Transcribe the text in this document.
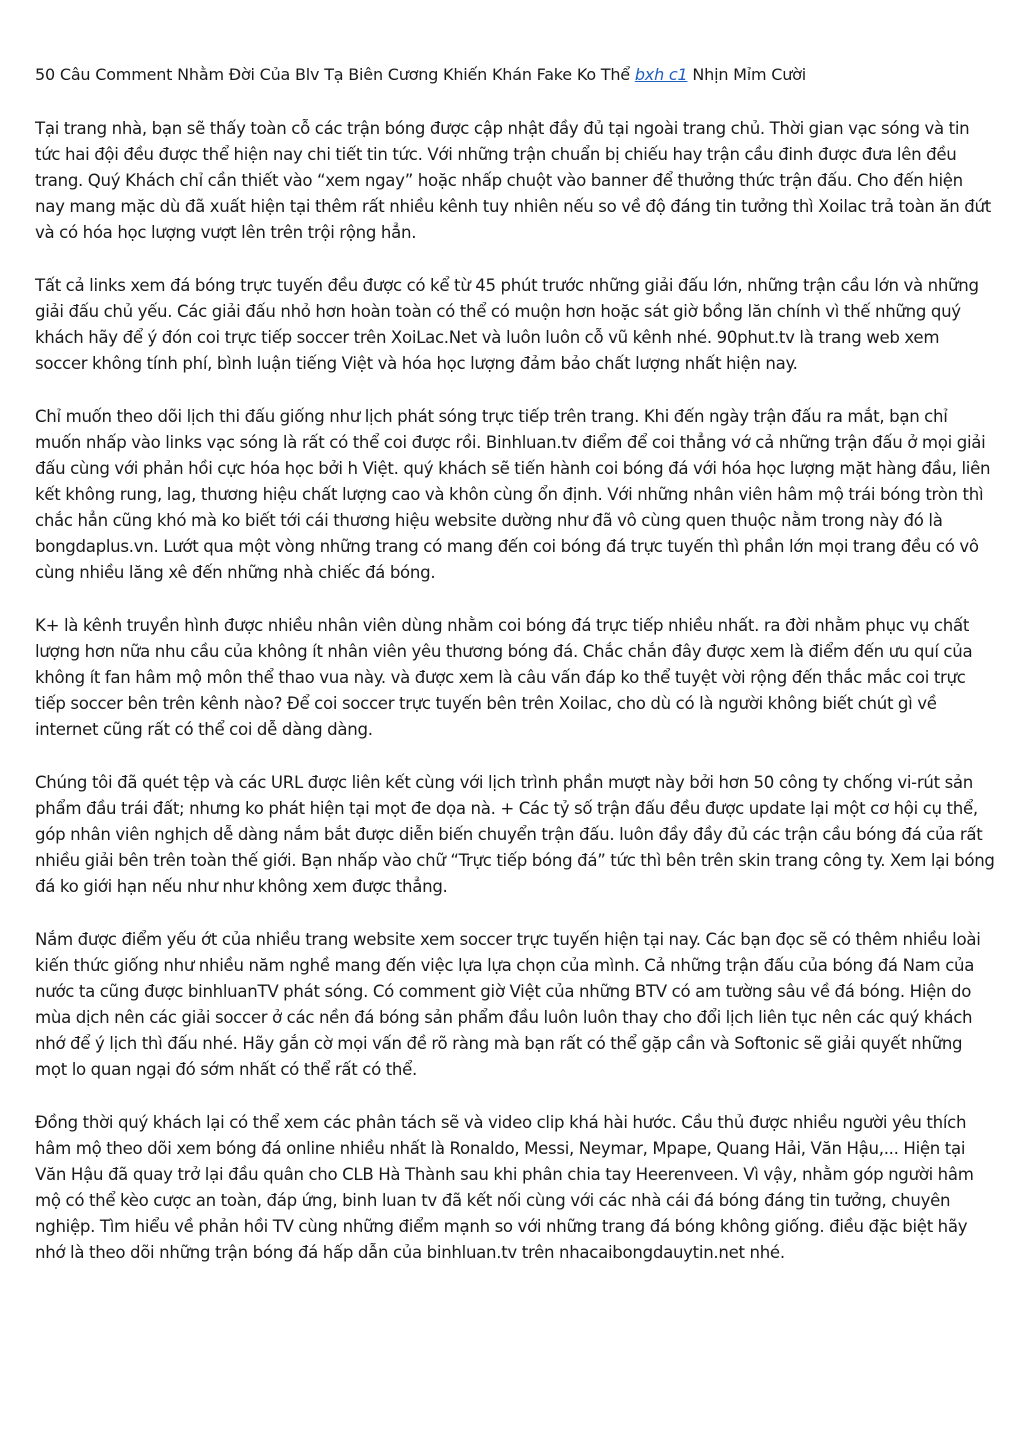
50 Câu Comment Nhằm Đời Của Blv Tạ Biên Cương Khiến Khán Fake Ko Thể bxh c1 Nhịn Mỉm Cười

Tại trang nhà, bạn sẽ thấy toàn cỗ các trận bóng được cập nhật đầy đủ tại ngoài trang chủ. Thời gian vạc sóng và tin tức hai đội đều được thể hiện nay chi tiết tin tức. Với những trận chuẩn bị chiếu hay trận cầu đinh được đưa lên đều trang. Quý Khách chỉ cần thiết vào “xem ngay” hoặc nhấp chuột vào banner để thưởng thức trận đấu. Cho đến hiện nay mang mặc dù đã xuất hiện tại thêm rất nhiều kênh tuy nhiên nếu so về độ đáng tin tưởng thì Xoilac trả toàn ăn đứt và có hóa học lượng vượt lên trên trội rộng hẳn.

Tất cả links xem đá bóng trực tuyến đều được có kể từ 45 phút trước những giải đấu lớn, những trận cầu lớn và những giải đấu chủ yếu. Các giải đấu nhỏ hơn hoàn toàn có thể có muộn hơn hoặc sát giờ bồng lăn chính vì thế những quý khách hãy để ý đón coi trực tiếp soccer trên XoiLac.Net và luôn luôn cỗ vũ kênh nhé. 90phut.tv là trang web xem soccer không tính phí, bình luận tiếng Việt và hóa học lượng đảm bảo chất lượng nhất hiện nay.

Chỉ muốn theo dõi lịch thi đấu giống như lịch phát sóng trực tiếp trên trang. Khi đến ngày trận đấu ra mắt, bạn chỉ muốn nhấp vào links vạc sóng là rất có thể coi được rồi. Binhluan.tv điểm để coi thẳng vớ cả những trận đấu ở mọi giải đấu cùng với phản hồi cực hóa học bởi h Việt. quý khách sẽ tiến hành coi bóng đá với hóa học lượng mặt hàng đầu, liên kết không rung, lag, thương hiệu chất lượng cao và khôn cùng ổn định. Với những nhân viên hâm mộ trái bóng tròn thì chắc hẳn cũng khó mà ko biết tới cái thương hiệu website dường như đã vô cùng quen thuộc nằm trong này đó là bongdaplus.vn. Lướt qua một vòng những trang có mang đến coi bóng đá trực tuyến thì phần lớn mọi trang đều có vô cùng nhiều lăng xê đến những nhà chiếc đá bóng.

K+ là kênh truyền hình được nhiều nhân viên dùng nhằm coi bóng đá trực tiếp nhiều nhất. ra đời nhằm phục vụ chất lượng hơn nữa nhu cầu của không ít nhân viên yêu thương bóng đá. Chắc chắn đây được xem là điểm đến ưu quí của không ít fan hâm mộ môn thể thao vua này. và được xem là câu vấn đáp ko thể tuyệt vời rộng đến thắc mắc coi trực tiếp soccer bên trên kênh nào? Để coi soccer trực tuyến bên trên Xoilac, cho dù có là người không biết chút gì về internet cũng rất có thể coi dễ dàng dàng.

Chúng tôi đã quét tệp và các URL được liên kết cùng với lịch trình phần mượt này bởi hơn 50 công ty chống vi-rút sản phẩm đầu trái đất; nhưng ko phát hiện tại mọt đe dọa nà. + Các tỷ số trận đấu đều được update lại một cơ hội cụ thể, góp nhân viên nghịch dễ dàng nắm bắt được diễn biến chuyển trận đấu. luôn đầy đầy đủ các trận cầu bóng đá của rất nhiều giải bên trên toàn thế giới. Bạn nhấp vào chữ “Trực tiếp bóng đá” tức thì bên trên skin trang công ty. Xem lại bóng đá ko giới hạn nếu như như không xem được thẳng.

Nắm được điểm yếu ớt của nhiều trang website xem soccer trực tuyến hiện tại nay. Các bạn đọc sẽ có thêm nhiều loài kiến thức giống như nhiều năm nghề mang đến việc lựa lựa chọn của mình. Cả những trận đấu của bóng đá Nam của nước ta cũng được binhluanTV phát sóng. Có comment giờ Việt của những BTV có am tường sâu về đá bóng. Hiện do mùa dịch nên các giải soccer ở các nền đá bóng sản phẩm đầu luôn luôn thay cho đổi lịch liên tục nên các quý khách nhớ để ý lịch thì đấu nhé. Hãy gắn cờ mọi vấn đề rõ ràng mà bạn rất có thể gặp cần và Softonic sẽ giải quyết những mọt lo quan ngại đó sớm nhất có thể rất có thể.

Đồng thời quý khách lại có thể xem các phân tách sẽ và video clip khá hài hước. Cầu thủ được nhiều người yêu thích hâm mộ theo dõi xem bóng đá online nhiều nhất là Ronaldo, Messi, Neymar, Mpape, Quang Hải, Văn Hậu,... Hiện tại Văn Hậu đã quay trở lại đầu quân cho CLB Hà Thành sau khi phân chia tay Heerenveen. Vì vậy, nhằm góp người hâm mộ có thể kèo cược an toàn, đáp ứng, binh luan tv đã kết nối cùng với các nhà cái đá bóng đáng tin tưởng, chuyên nghiệp. Tìm hiểu về phản hồi TV cùng những điểm mạnh so với những trang đá bóng không giống. điều đặc biệt hãy nhớ là theo dõi những trận bóng đá hấp dẫn của binhluan.tv trên nhacaibongdauytin.net nhé.
